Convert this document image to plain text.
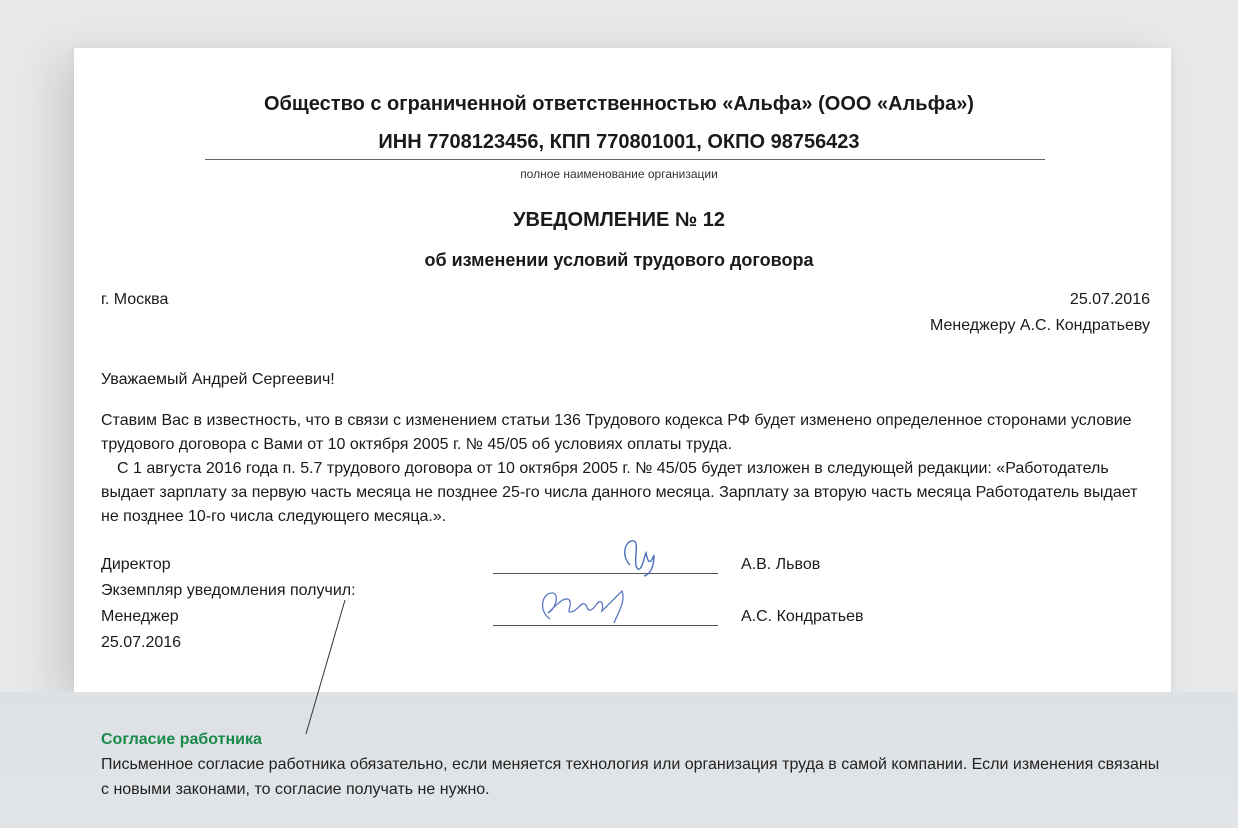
Общество с ограниченной ответственностью «Альфа» (ООО «Альфа»)
ИНН 7708123456, КПП 770801001, ОКПО 98756423
полное наименование организации
УВЕДОМЛЕНИЕ № 12
об изменении условий трудового договора
г. Москва	25.07.2016
Менеджеру А.С. Кондратьеву
Уважаемый Андрей Сергеевич!
Ставим Вас в известность, что в связи с изменением статьи 136 Трудового кодекса РФ будет изменено определенное сторонами условие трудового договора с Вами от 10 октября 2005 г. № 45/05 об условиях оплаты труда.
С 1 августа 2016 года п. 5.7 трудового договора от 10 октября 2005 г. № 45/05 будет изложен в следующей редакции: «Работодатель выдает зарплату за первую часть месяца не позднее 25-го числа данного месяца. Зарплату за вторую часть месяца Работодатель выдает не позднее 10-го числа следующего месяца.».
Директор	А.В. Львов
Экземпляр уведомления получил:
Менеджер	А.С. Кондратьев
25.07.2016
Согласие работника
Письменное согласие работника обязательно, если меняется технология или организация труда в самой компании. Если изменения связаны с новыми законами, то согласие получать не нужно.
